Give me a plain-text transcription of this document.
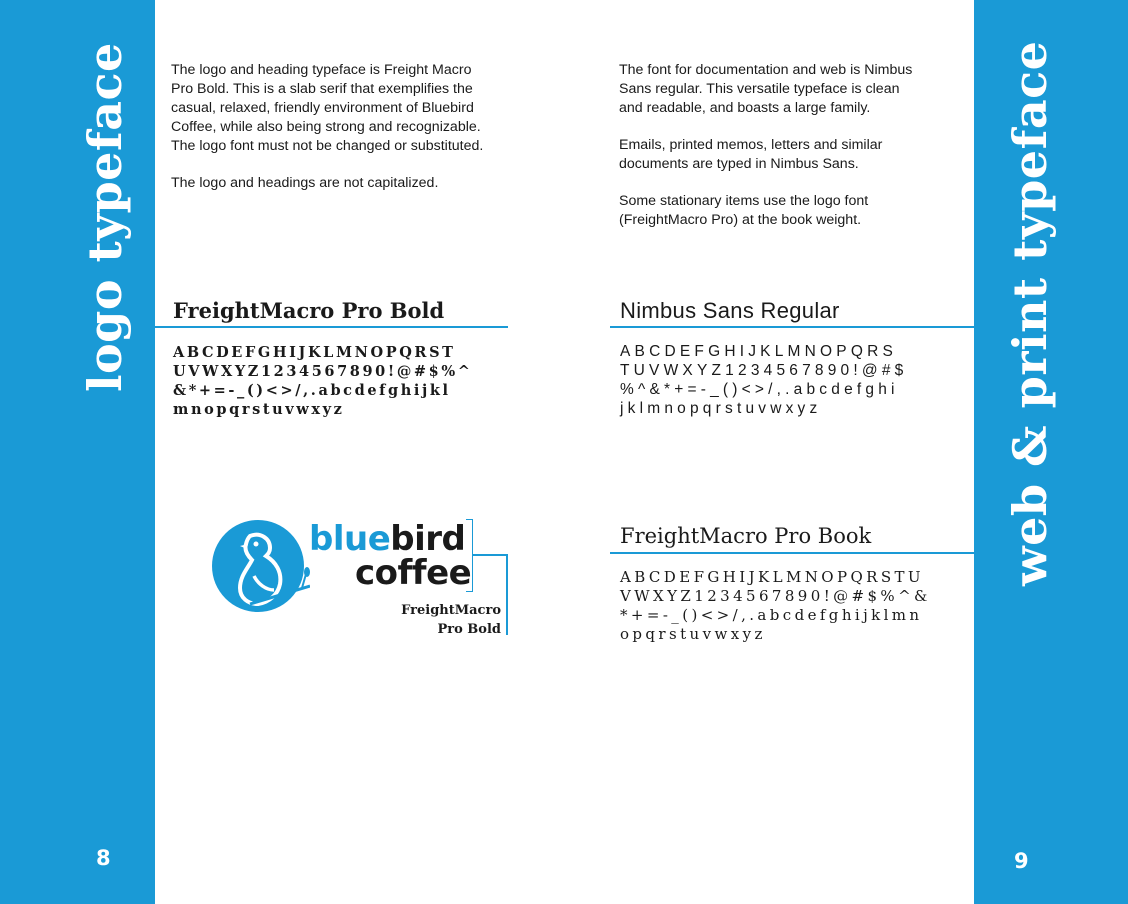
logo typeface
8
web & print typeface
9

The logo and heading typeface is Freight Macro
Pro Bold. This is a slab serif that exemplifies the
casual, relaxed, friendly environment of Bluebird
Coffee, while also being strong and recognizable.
The logo font must not be changed or substituted.

The logo and headings are not capitalized.

FreightMacro Pro Bold
ABCDEFGHIJKLMNOPQRST
UVWXYZ1234567890!@#$%^
&*+=-_()<>/,.abcdefghijkl
mnopqrstuvwxyz
bluebird
coffee
FreightMacro
Pro Bold

The font for documentation and web is Nimbus
Sans regular. This versatile typeface is clean
and readable, and boasts a large family.

Emails, printed memos, letters and similar
documents are typed in Nimbus Sans.

Some stationary items use the logo font
(FreightMacro Pro) at the book weight.

Nimbus Sans Regular
ABCDEFGHIJKLMNOPQRS
TUVWXYZ1234567890!@#$
%^&*+=-_()<>/,.abcdefghi
jklmnopqrstuvwxyz
FreightMacro Pro Book
ABCDEFGHIJKLMNOPQRSTU
VWXYZ1234567890!@#$%^&
*+=-_()<>/,.abcdefghijklmn
opqrstuvwxyz
